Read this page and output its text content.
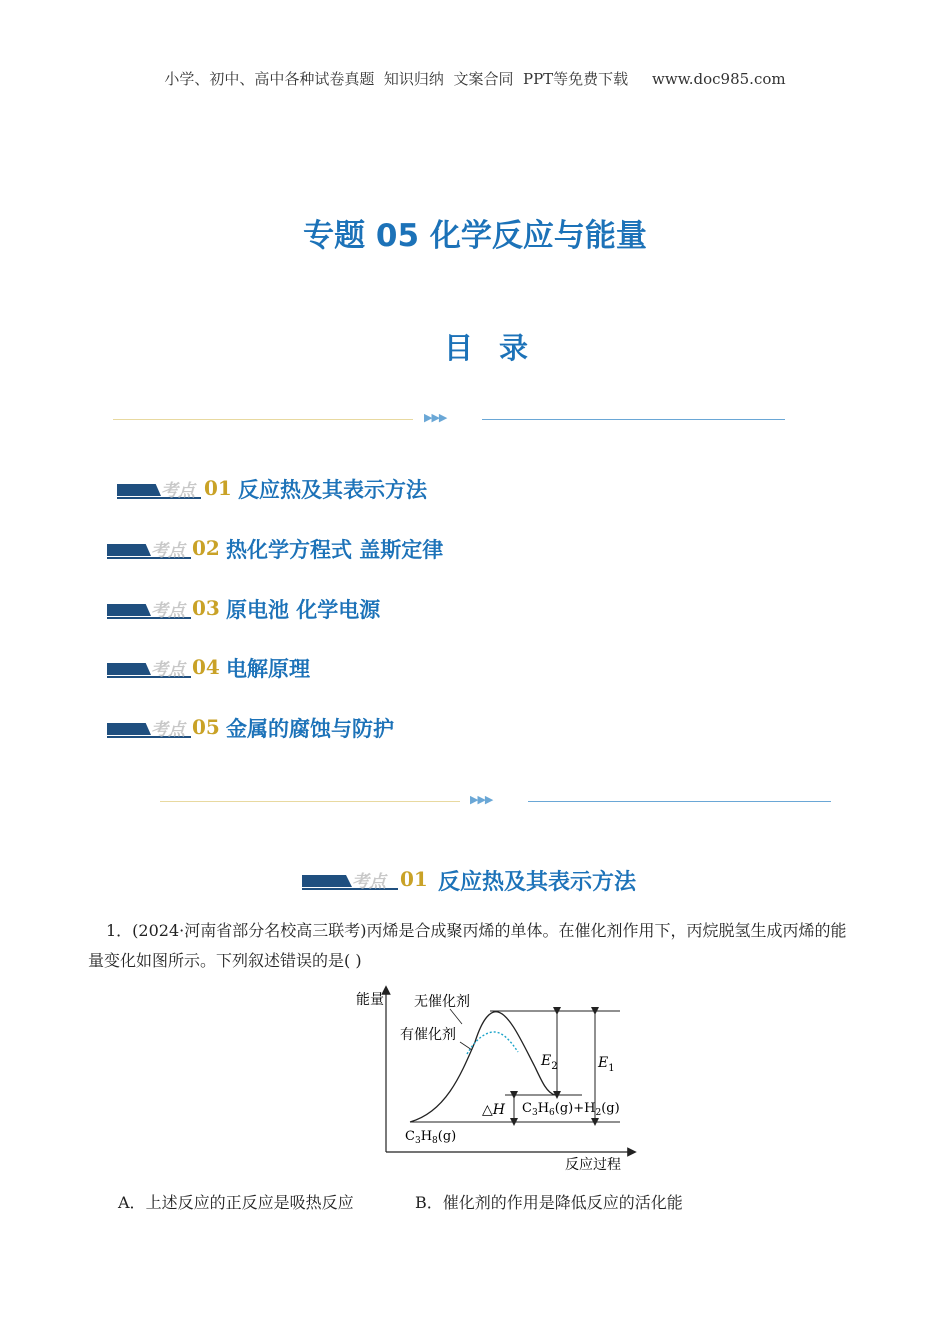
小学、初中、高中各种试卷真题  知识归纳  文案合同  PPT等免费下载     www.doc985.com
专题 05 化学反应与能量
目 录
▶▶▶
考点 01 反应热及其表示方法
考点 02 热化学方程式 盖斯定律
考点 03 原电池 化学电源
考点 04 电解原理
考点 05 金属的腐蚀与防护
▶▶▶
考点 01 反应热及其表示方法
1．(2024·河南省部分名校高三联考)丙烯是合成聚丙烯的单体。在催化剂作用下，丙烷脱氢生成丙烯的能量变化如图所示。下列叙述错误的是( )
能量
反应过程
无催化剂
有催化剂
$E_2$	$E_1$
△H $C_3H_6(g)+H_2(g)$
$C_3H_8(g)$
A．上述反应的正反应是吸热反应	B．催化剂的作用是降低反应的活化能
